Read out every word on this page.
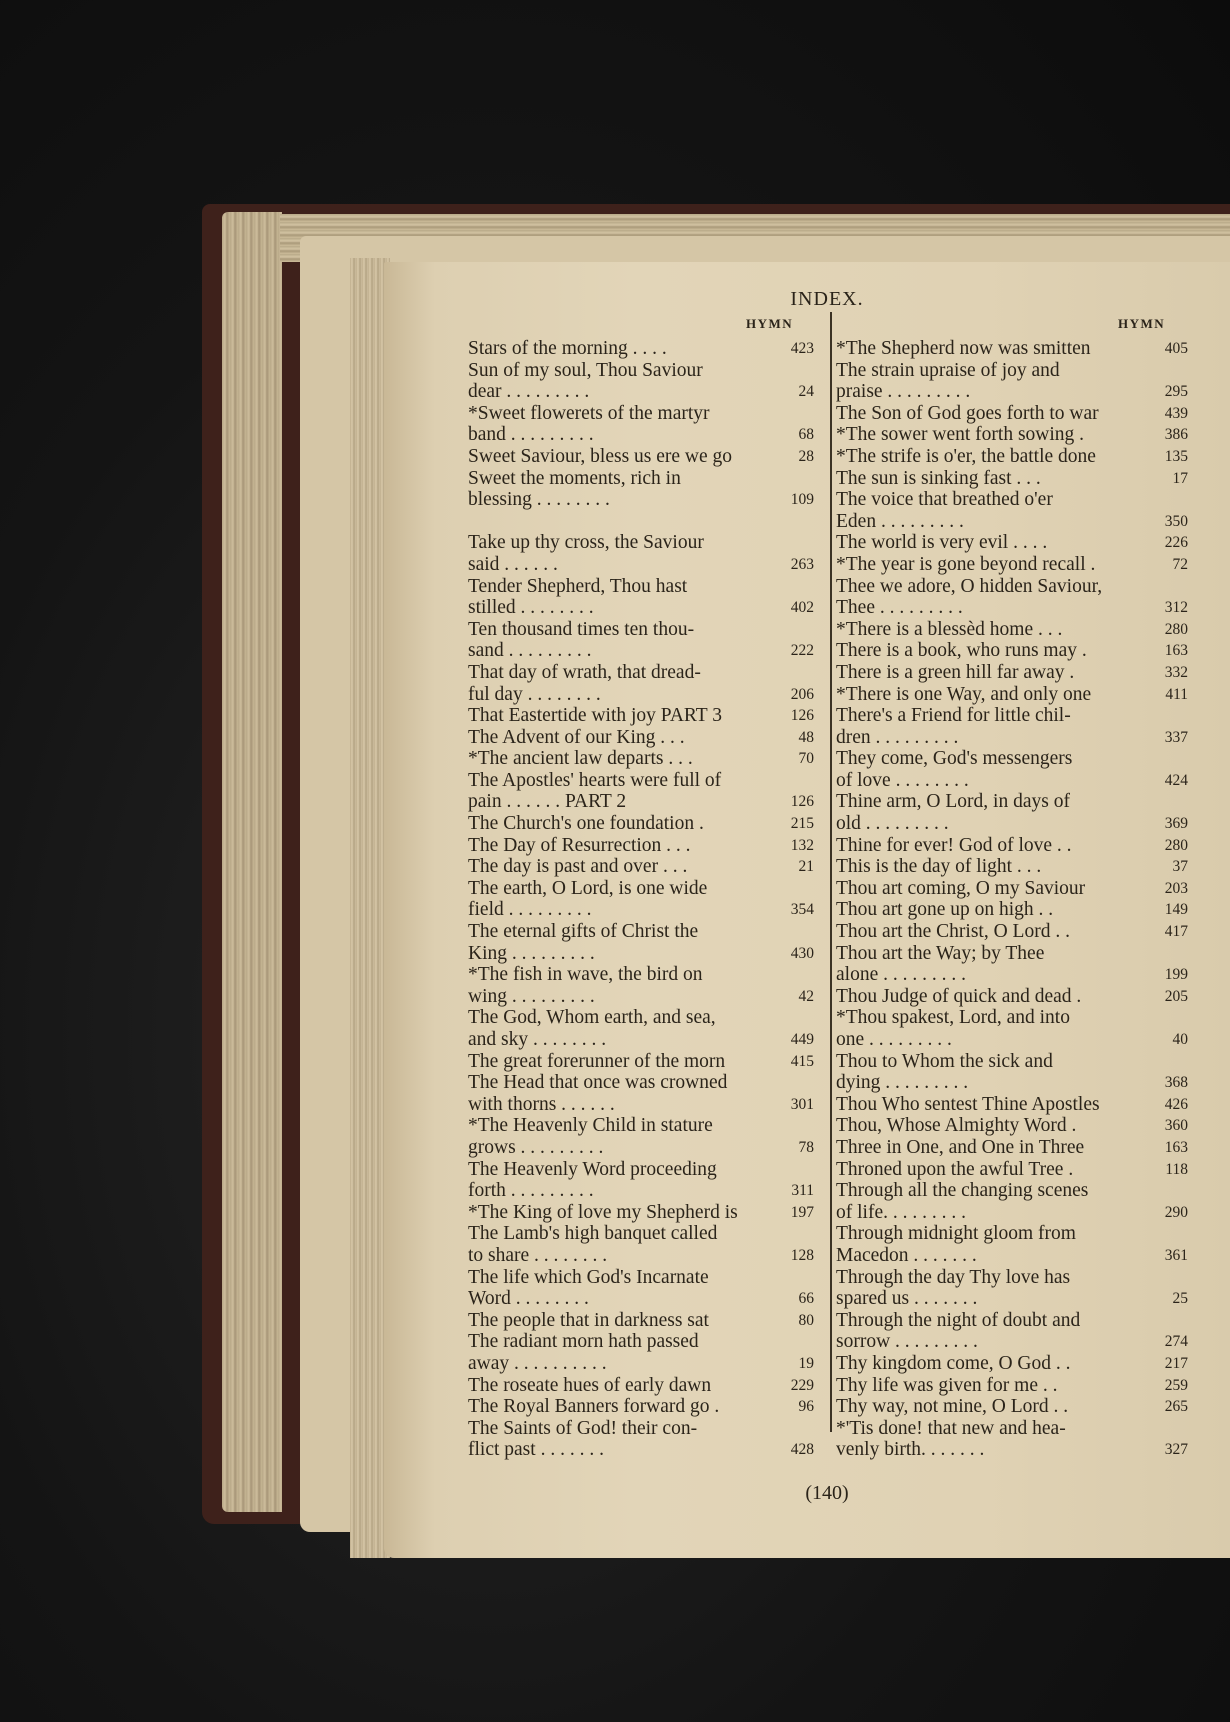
INDEX.
HYMN	HYMN
Stars of the morning . . . .	423
Sun of my soul, Thou Saviour
dear . . . . . . . . .	24
*Sweet flowerets of the martyr
band . . . . . . . . .	68
Sweet Saviour, bless us ere we go	28
Sweet the moments, rich in
blessing . . . . . . . .	109
Take up thy cross, the Saviour
said . . . . . .	263
Tender Shepherd, Thou hast
stilled . . . . . . . .	402
Ten thousand times ten thou-
sand . . . . . . . . .	222
That day of wrath, that dread-
ful day . . . . . . . .	206
That Eastertide with joy PART 3	126
The Advent of our King . . .	48
*The ancient law departs . . .	70
The Apostles' hearts were full of
pain . . . . . . PART 2	126
The Church's one foundation .	215
The Day of Resurrection . . .	132
The day is past and over . . .	21
The earth, O Lord, is one wide
field . . . . . . . . .	354
The eternal gifts of Christ the
King . . . . . . . . .	430
*The fish in wave, the bird on
wing . . . . . . . . .	42
The God, Whom earth, and sea,
and sky . . . . . . . .	449
The great forerunner of the morn	415
The Head that once was crowned
with thorns . . . . . .	301
*The Heavenly Child in stature
grows . . . . . . . . .	78
The Heavenly Word proceeding
forth . . . . . . . . .	311
*The King of love my Shepherd is	197
The Lamb's high banquet called
to share . . . . . . . .	128
The life which God's Incarnate
Word . . . . . . . .	66
The people that in darkness sat	80
The radiant morn hath passed
away . . . . . . . . . .	19
The roseate hues of early dawn	229
The Royal Banners forward go .	96
The Saints of God! their con-
flict past . . . . . . .	428
*The Shepherd now was smitten	405
The strain upraise of joy and
praise . . . . . . . . .	295
The Son of God goes forth to war	439
*The sower went forth sowing .	386
*The strife is o'er, the battle done	135
The sun is sinking fast . . .	17
The voice that breathed o'er
Eden . . . . . . . . .	350
The world is very evil . . . .	226
*The year is gone beyond recall .	72
Thee we adore, O hidden Saviour,
Thee . . . . . . . . .	312
*There is a blessèd home . . .	280
There is a book, who runs may .	163
There is a green hill far away .	332
*There is one Way, and only one	411
There's a Friend for little chil-
dren . . . . . . . . .	337
They come, God's messengers
of love . . . . . . . .	424
Thine arm, O Lord, in days of
old . . . . . . . . .	369
Thine for ever! God of love . .	280
This is the day of light . . .	37
Thou art coming, O my Saviour	203
Thou art gone up on high . .	149
Thou art the Christ, O Lord . .	417
Thou art the Way; by Thee
alone . . . . . . . . .	199
Thou Judge of quick and dead .	205
*Thou spakest, Lord, and into
one . . . . . . . . .	40
Thou to Whom the sick and
dying . . . . . . . . .	368
Thou Who sentest Thine Apostles	426
Thou, Whose Almighty Word .	360
Three in One, and One in Three	163
Throned upon the awful Tree .	118
Through all the changing scenes
of life. . . . . . . . .	290
Through midnight gloom from
Macedon . . . . . . .	361
Through the day Thy love has
spared us . . . . . . .	25
Through the night of doubt and
sorrow . . . . . . . . .	274
Thy kingdom come, O God . .	217
Thy life was given for me . .	259
Thy way, not mine, O Lord . .	265
*'Tis done! that new and hea-
venly birth. . . . . . .	327
(140)
